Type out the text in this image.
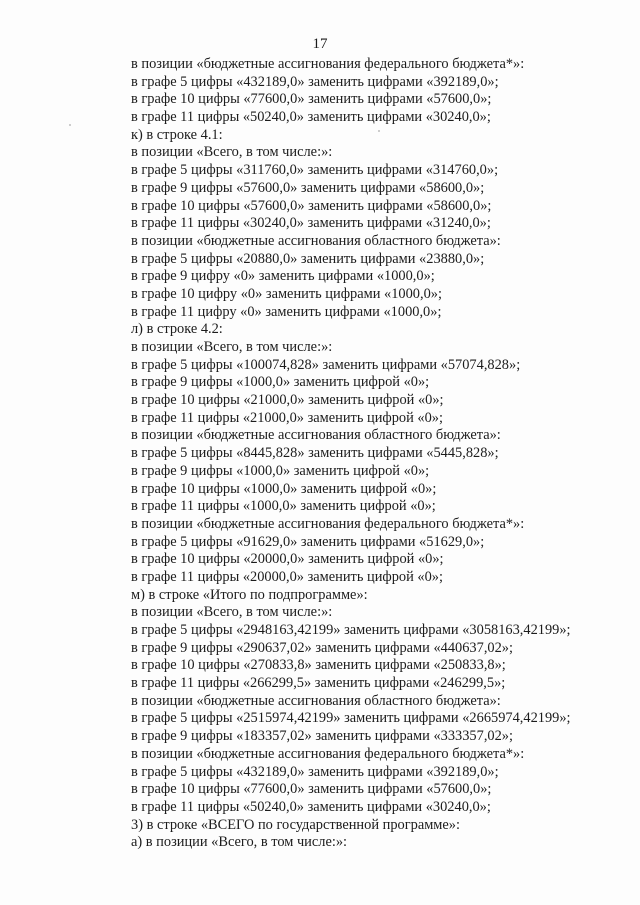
17
в позиции «бюджетные ассигнования федерального бюджета*»:
в графе 5 цифры «432189,0» заменить цифрами «392189,0»;
в графе 10 цифры «77600,0» заменить цифрами «57600,0»;
в графе 11 цифры «50240,0» заменить цифрами «30240,0»;
к) в строке 4.1:
в позиции «Всего, в том числе:»:
в графе 5 цифры «311760,0» заменить цифрами «314760,0»;
в графе 9 цифры «57600,0» заменить цифрами «58600,0»;
в графе 10 цифры «57600,0» заменить цифрами «58600,0»;
в графе 11 цифры «30240,0» заменить цифрами «31240,0»;
в позиции «бюджетные ассигнования областного бюджета»:
в графе 5 цифры «20880,0» заменить цифрами «23880,0»;
в графе 9 цифру «0» заменить цифрами «1000,0»;
в графе 10 цифру «0» заменить цифрами «1000,0»;
в графе 11 цифру «0» заменить цифрами «1000,0»;
л) в строке 4.2:
в позиции «Всего, в том числе:»:
в графе 5 цифры «100074,828» заменить цифрами «57074,828»;
в графе 9 цифры «1000,0» заменить цифрой «0»;
в графе 10 цифры «21000,0» заменить цифрой «0»;
в графе 11 цифры «21000,0» заменить цифрой «0»;
в позиции «бюджетные ассигнования областного бюджета»:
в графе 5 цифры «8445,828» заменить цифрами «5445,828»;
в графе 9 цифры «1000,0» заменить цифрой «0»;
в графе 10 цифры «1000,0» заменить цифрой «0»;
в графе 11 цифры «1000,0» заменить цифрой «0»;
в позиции «бюджетные ассигнования федерального бюджета*»:
в графе 5 цифры «91629,0» заменить цифрами «51629,0»;
в графе 10 цифры «20000,0» заменить цифрой «0»;
в графе 11 цифры «20000,0» заменить цифрой «0»;
м) в строке «Итого по подпрограмме»:
в позиции «Всего, в том числе:»:
в графе 5 цифры «2948163,42199» заменить цифрами «3058163,42199»;
в графе 9 цифры «290637,02» заменить цифрами «440637,02»;
в графе 10 цифры «270833,8» заменить цифрами «250833,8»;
в графе 11 цифры «266299,5» заменить цифрами «246299,5»;
в позиции «бюджетные ассигнования областного бюджета»:
в графе 5 цифры «2515974,42199» заменить цифрами «2665974,42199»;
в графе 9 цифры «183357,02» заменить цифрами «333357,02»;
в позиции «бюджетные ассигнования федерального бюджета*»:
в графе 5 цифры «432189,0» заменить цифрами «392189,0»;
в графе 10 цифры «77600,0» заменить цифрами «57600,0»;
в графе 11 цифры «50240,0» заменить цифрами «30240,0»;
3) в строке «ВСЕГО по государственной программе»:
а) в позиции «Всего, в том числе:»:
